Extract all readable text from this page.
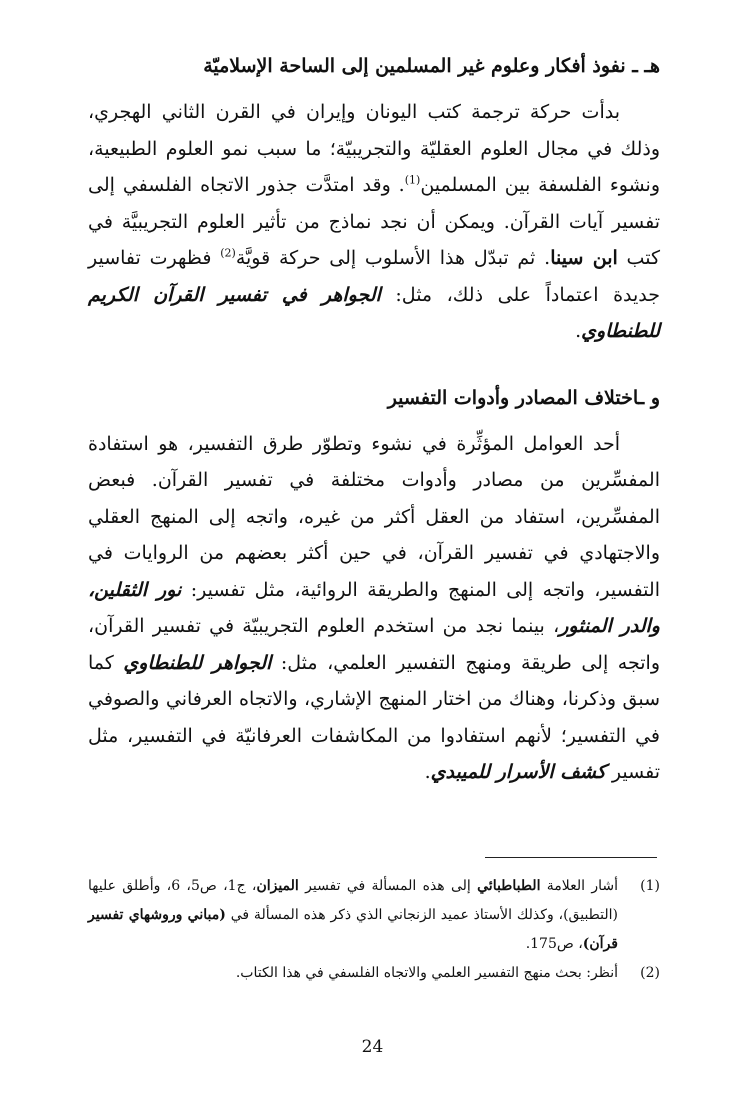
هـ ـ نفوذ أفكار وعلوم غير المسلمين إلى الساحة الإسلاميّة

بدأت حركة ترجمة كتب اليونان وإيران في القرن الثاني الهجري، وذلك في مجال العلوم العقليّة والتجريبيّة؛ ما سبب نمو العلوم الطبيعية، ونشوء الفلسفة بين المسلمين$^{(1)}$. وقد امتدَّت جذور الاتجاه الفلسفي إلى تفسير آيات القرآن. ويمكن أن نجد نماذج من تأثير العلوم التجريبيَّة في كتب ابن سينا. ثم تبدّل هذا الأسلوب إلى حركة قويَّة$^{(2)}$ فظهرت تفاسير جديدة اعتماداً على ذلك، مثل: الجواهر في تفسير القرآن الكريم للطنطاوي.

و ـاختلاف المصادر وأدوات التفسير

أحد العوامل المؤثِّرة في نشوء وتطوّر طرق التفسير، هو استفادة المفسِّرين من مصادر وأدوات مختلفة في تفسير القرآن. فبعض المفسِّرين، استفاد من العقل أكثر من غيره، واتجه إلى المنهج العقلي والاجتهادي في تفسير القرآن، في حين أكثر بعضهم من الروايات في التفسير، واتجه إلى المنهج والطريقة الروائية، مثل تفسير: نور الثقلين، والدر المنثور، بينما نجد من استخدم العلوم التجريبيّة في تفسير القرآن، واتجه إلى طريقة ومنهج التفسير العلمي، مثل: الجواهر للطنطاوي كما سبق وذكرنا، وهناك من اختار المنهج الإشاري، والاتجاه العرفاني والصوفي في التفسير؛ لأنهم استفادوا من المكاشفات العرفانيّة في التفسير، مثل تفسير كشف الأسرار للميبدي.

(1)
أشار العلامة الطباطبائي إلى هذه المسألة في تفسير الميزان، ج1، ص5، 6، وأطلق عليها (التطبيق)، وكذلك الأستاذ عميد الزنجاني الذي ذكر هذه المسألة في (مباني وروشهاي تفسير قرآن)، ص175.
(2)
أنظر: بحث منهج التفسير العلمي والاتجاه الفلسفي في هذا الكتاب.
24
